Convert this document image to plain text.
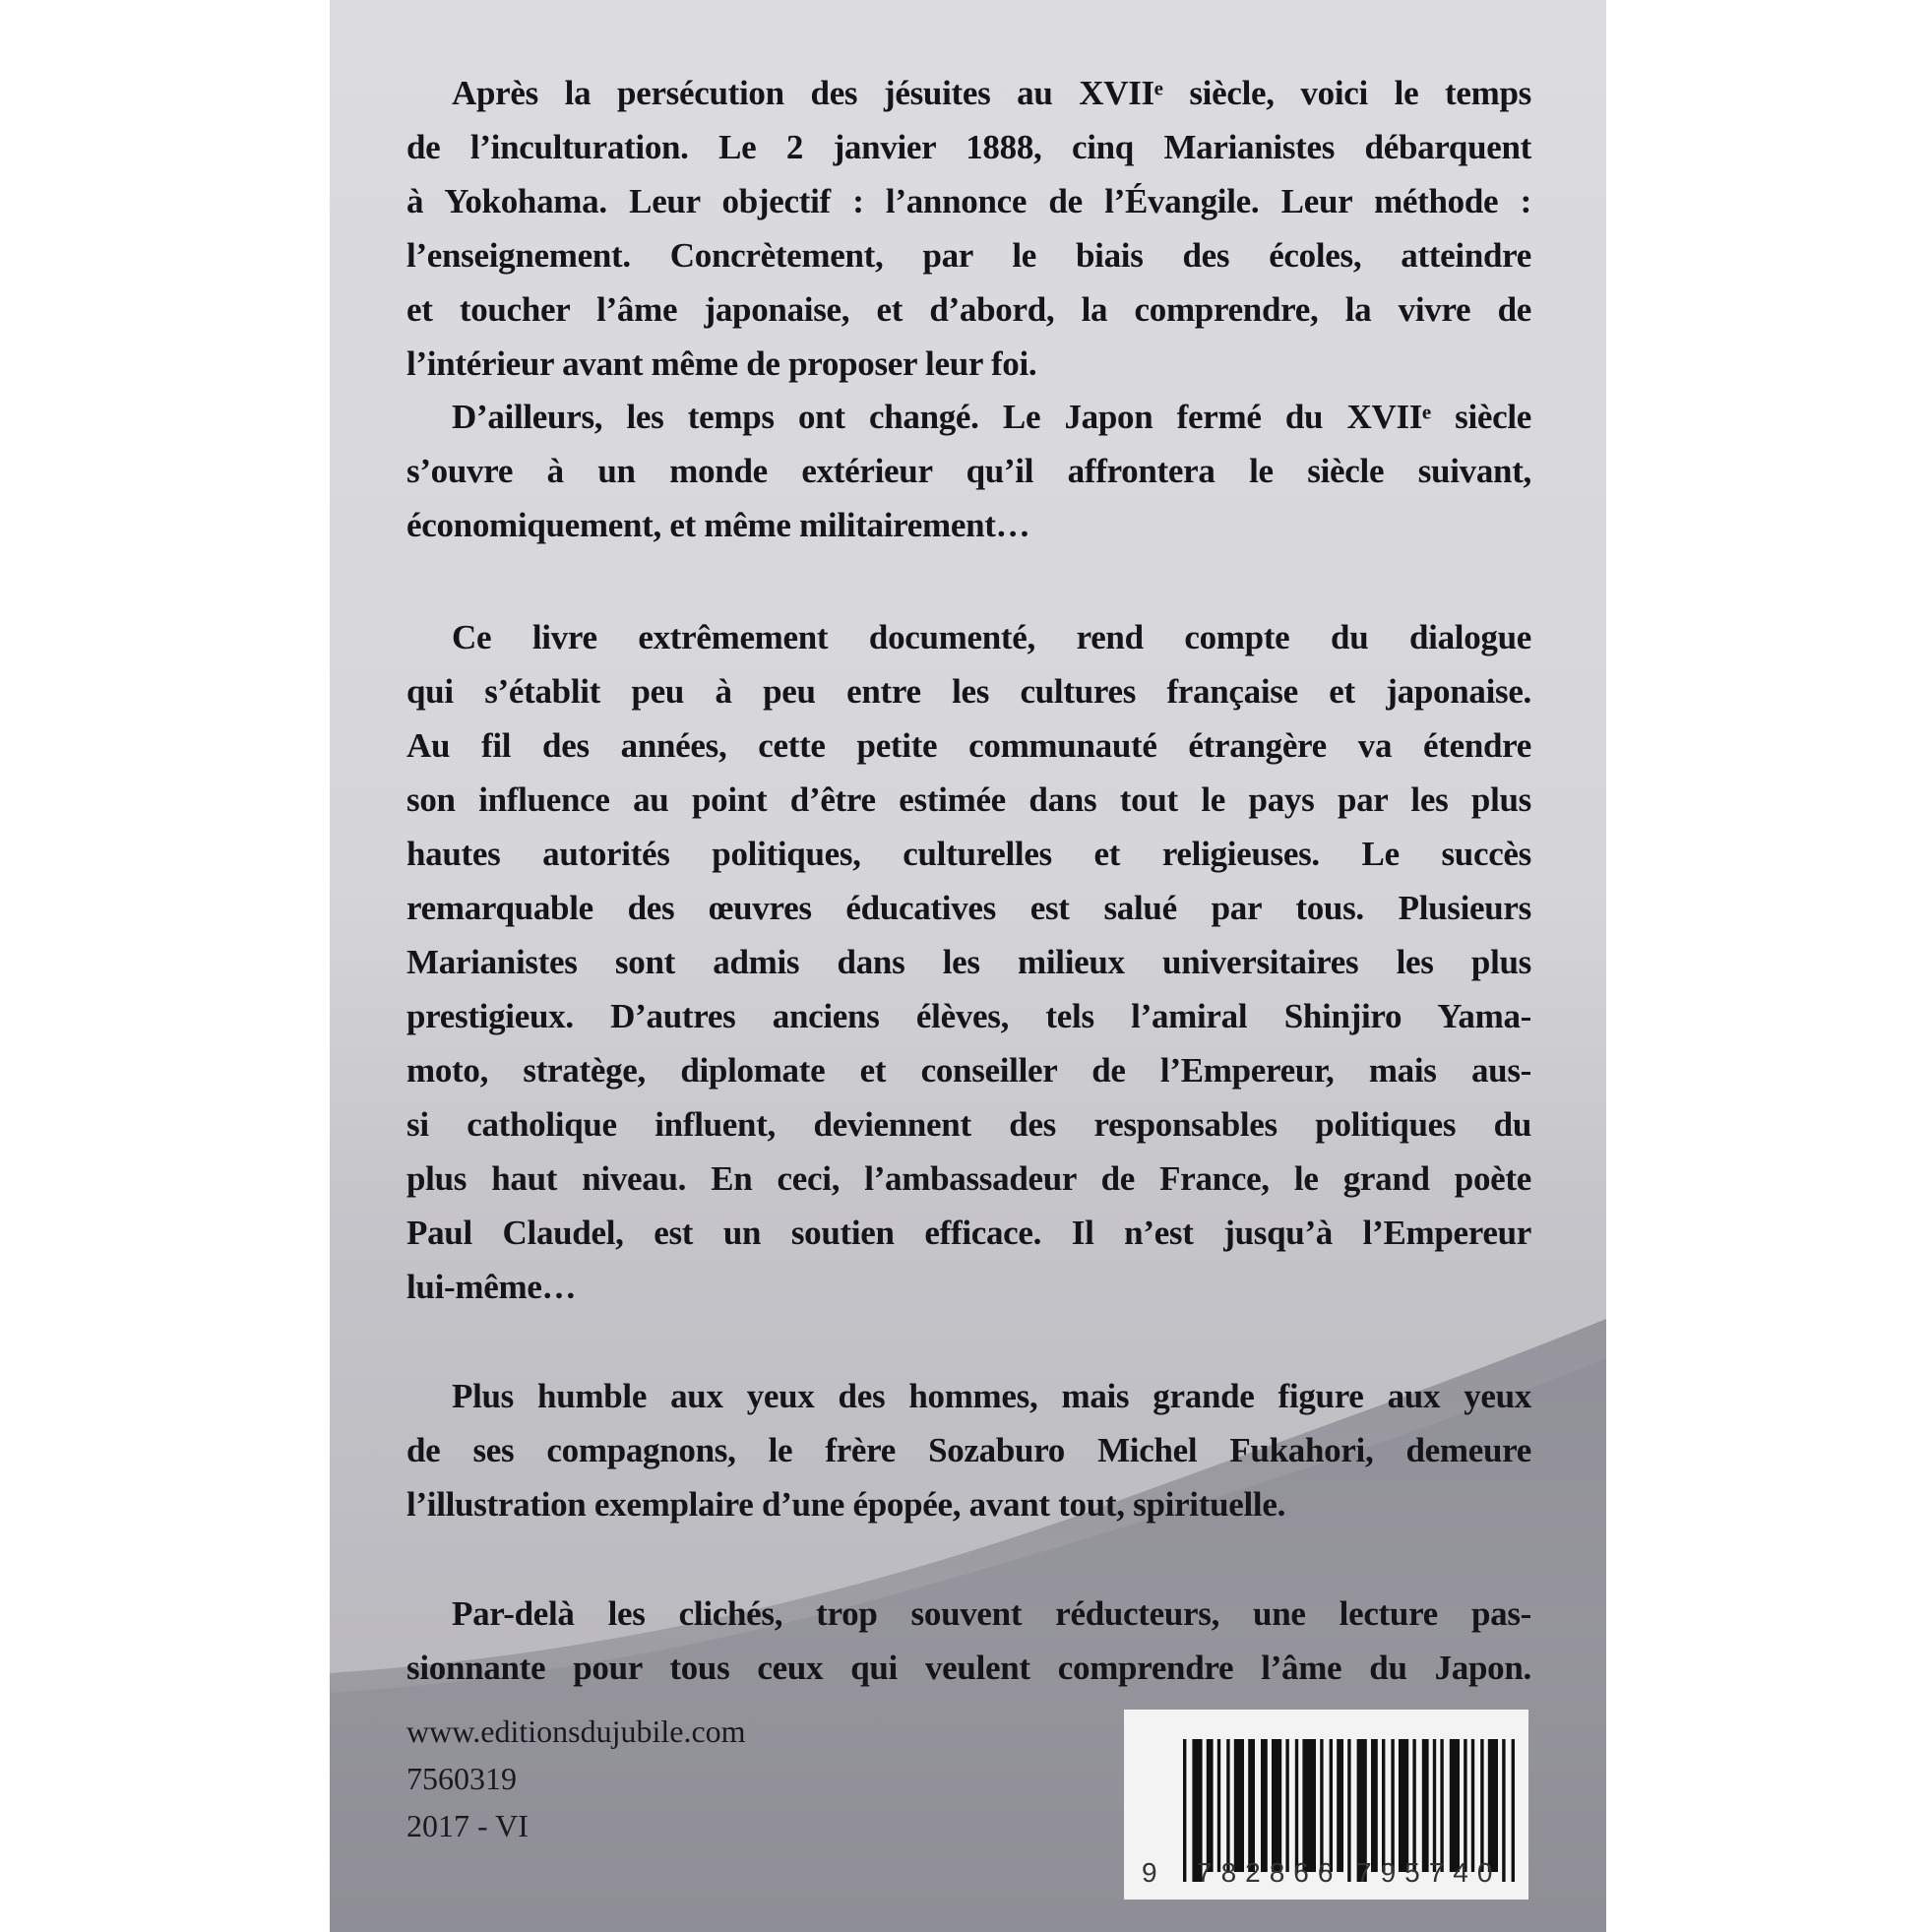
Après la persécution des jésuites au XVIIᵉ siècle, voici le temps
de l’inculturation. Le 2 janvier 1888, cinq Marianistes débarquent
à Yokohama. Leur objectif : l’annonce de l’Évangile. Leur méthode :
l’enseignement. Concrètement, par le biais des écoles, atteindre
et toucher l’âme japonaise, et d’abord, la comprendre, la vivre de
l’intérieur avant même de proposer leur foi.
D’ailleurs, les temps ont changé. Le Japon fermé du XVIIᵉ siècle
s’ouvre à un monde extérieur qu’il affrontera le siècle suivant,
économiquement, et même militairement…
Ce livre extrêmement documenté, rend compte du dialogue
qui s’établit peu à peu entre les cultures française et japonaise.
Au fil des années, cette petite communauté étrangère va étendre
son influence au point d’être estimée dans tout le pays par les plus
hautes autorités politiques, culturelles et religieuses. Le succès
remarquable des œuvres éducatives est salué par tous. Plusieurs
Marianistes sont admis dans les milieux universitaires les plus
prestigieux. D’autres anciens élèves, tels l’amiral Shinjiro Yama-
moto, stratège, diplomate et conseiller de l’Empereur, mais aus-
si catholique influent, deviennent des responsables politiques du
plus haut niveau. En ceci, l’ambassadeur de France, le grand poète
Paul Claudel, est un soutien efficace. Il n’est jusqu’à l’Empereur
lui-même…
Plus humble aux yeux des hommes, mais grande figure aux yeux
de ses compagnons, le frère Sozaburo Michel Fukahori, demeure
l’illustration exemplaire d’une épopée, avant tout, spirituelle.
Par-delà les clichés, trop souvent réducteurs, une lecture pas-
sionnante pour tous ceux qui veulent comprendre l’âme du Japon.
www.editionsdujubile.com
7560319
2017 - VI
9 782866 795740
